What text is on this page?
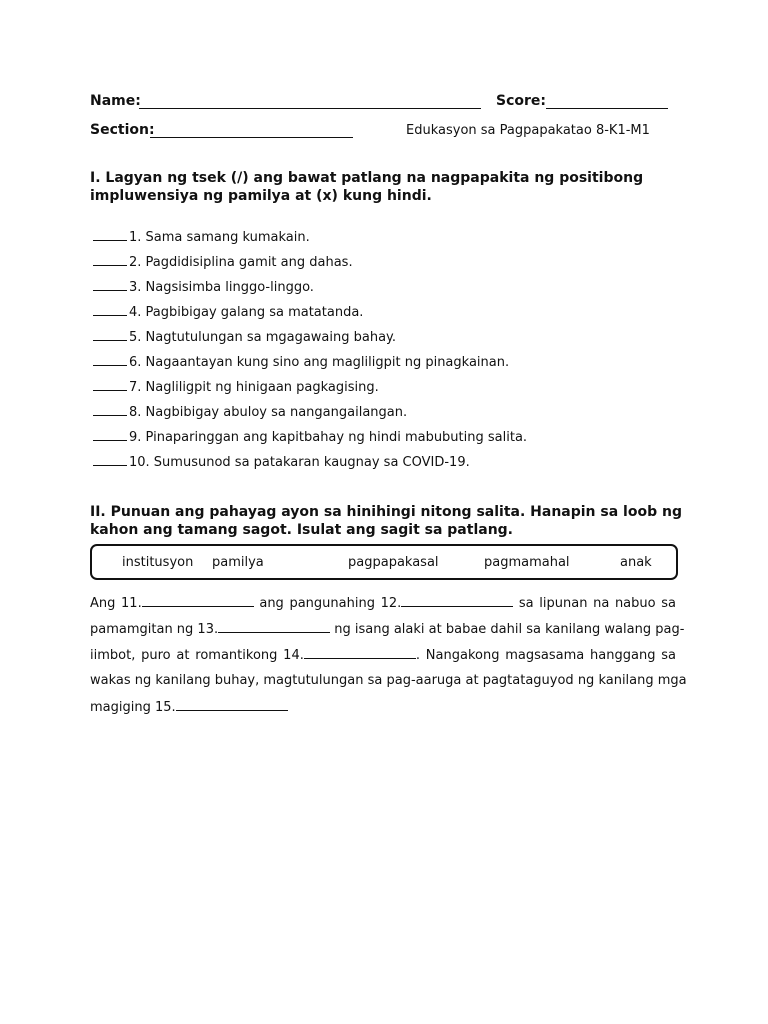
Name:	Score:
Section:	Edukasyon sa Pagpapakatao 8-K1-M1
I. Lagyan ng tsek (/) ang bawat patlang na nagpapakita ng positibong impluwensiya ng pamilya at (x) kung hindi.
1. Sama samang kumakain.
2. Pagdidisiplina gamit ang dahas.
3. Nagsisimba linggo-linggo.
4. Pagbibigay galang sa matatanda.
5. Nagtutulungan sa mgagawaing bahay.
6. Nagaantayan kung sino ang magliligpit ng pinagkainan.
7. Nagliligpit ng hinigaan pagkagising.
8. Nagbibigay abuloy sa nangangailangan.
9. Pinaparinggan ang kapitbahay ng hindi mabubuting salita.
10. Sumusunod sa patakaran kaugnay sa COVID-19.
II. Punuan ang pahayag ayon sa hinihingi nitong salita. Hanapin sa loob ng kahon ang tamang sagot. Isulat ang sagit sa patlang.
institusyon pamilya	pagpapakasal	pagmamahal	anak
Ang 11.	ang pangunahing 12.	sa lipunan na nabuo sa
pamamgitan ng 13.	ng isang alaki at babae dahil sa kanilang walang pag-
iimbot, puro at romantikong 14.	. Nangakong magsasama hanggang sa
wakas ng kanilang buhay, magtutulungan sa pag-aaruga at pagtataguyod ng kanilang mga
magiging 15.
